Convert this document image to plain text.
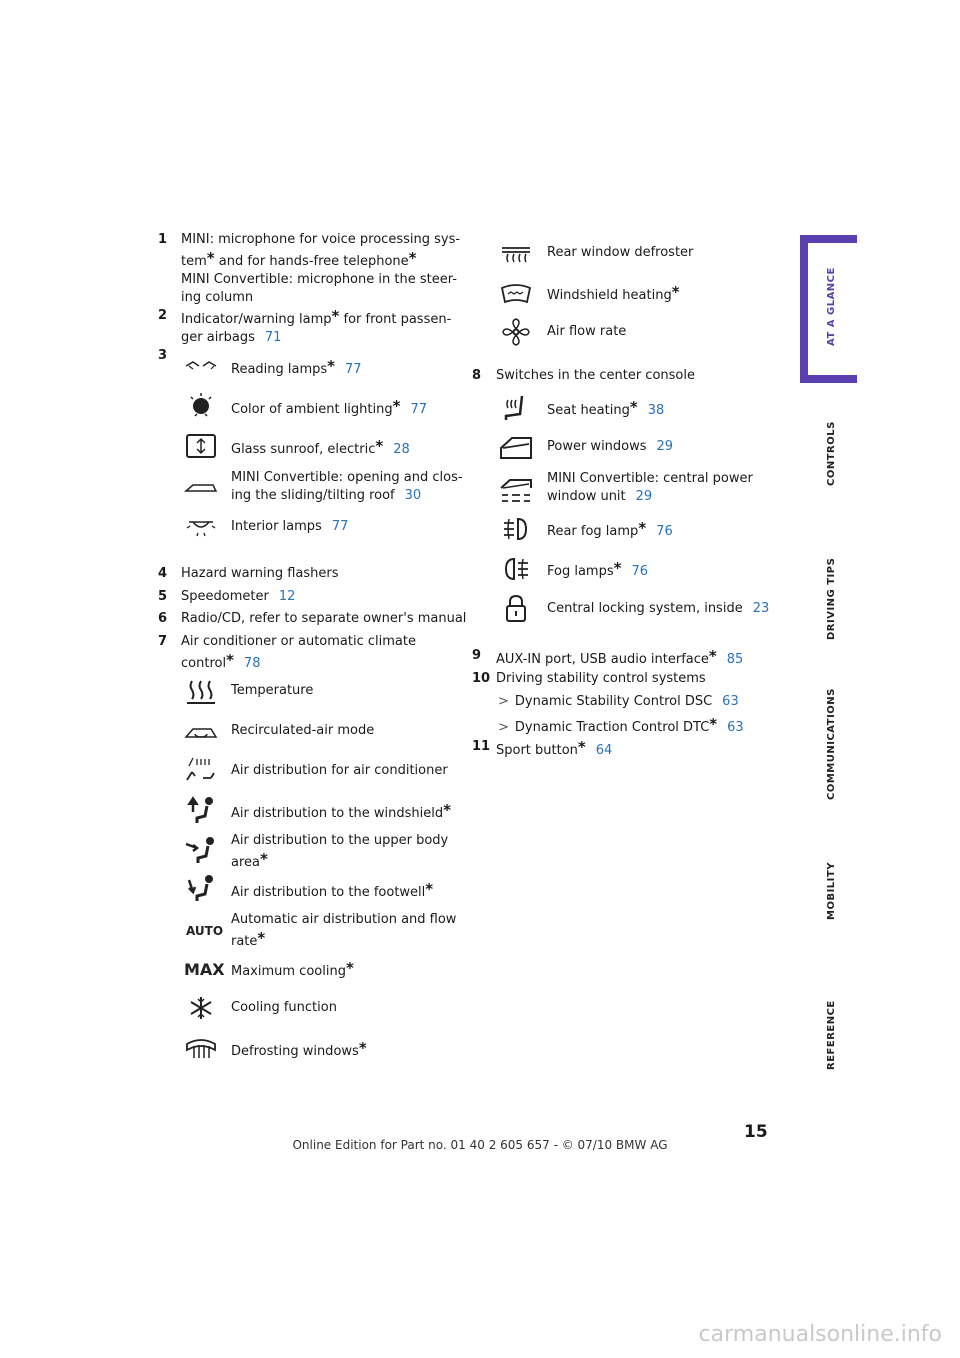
1 MINI: microphone for voice processing sys-
tem* and for hands-free telephone*
MINI Convertible: microphone in the steer-
ing column
2 Indicator/warning lamp* for front passen-
ger airbags 71
3
Reading lamps* 77
Color of ambient lighting* 77
Glass sunroof, electric* 28
MINI Convertible: opening and clos-
ing the sliding/tilting roof 30
Interior lamps 77
4 Hazard warning flashers
5 Speedometer 12
6 Radio/CD, refer to separate owner's manual
7 Air conditioner or automatic climate
control* 78
Temperature
Recirculated-air mode
Air distribution for air conditioner
Air distribution to the windshield*
Air distribution to the upper body
area*
Air distribution to the footwell*
AUTO
Automatic air distribution and flow
rate*
MAX Maximum cooling*
Cooling function
Defrosting windows*
Rear window defroster
Windshield heating*
Air flow rate
8 Switches in the center console
Seat heating* 38
Power windows 29
MINI Convertible: central power
window unit 29
Rear fog lamp* 76
Fog lamps* 76
Central locking system, inside 23
9 AUX-IN port, USB audio interface* 85
10 Driving stability control systems
> Dynamic Stability Control DSC 63
> Dynamic Traction Control DTC* 63
11 Sport button* 64
AT A GLANCE
CONTROLS
DRIVING TIPS
COMMUNICATIONS
MOBILITY
REFERENCE
15
Online Edition for Part no. 01 40 2 605 657 - © 07/10 BMW AG
carmanualsonline.info
